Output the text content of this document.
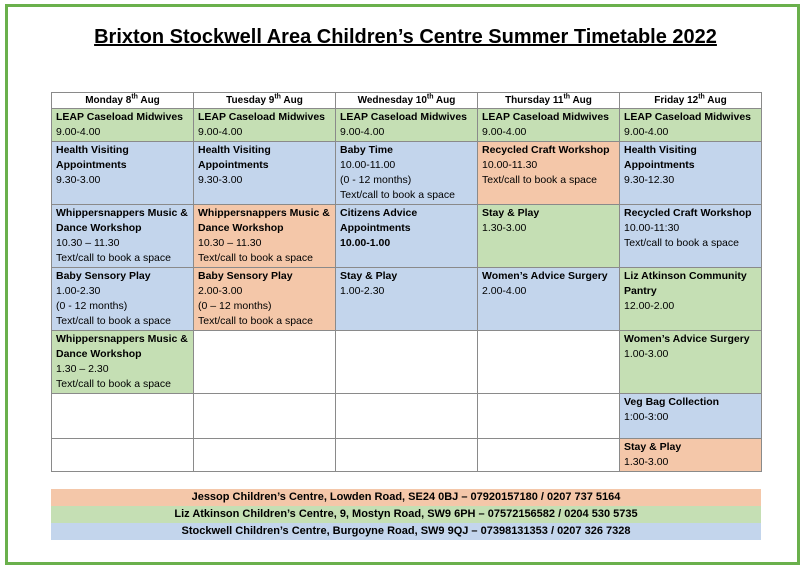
Brixton Stockwell Area Children’s Centre Summer Timetable 2022
Monday 8th Aug	Tuesday 9th Aug	Wednesday 10th Aug	Thursday 11th Aug	Friday 12th Aug

LEAP Caseload Midwives
9.00-4.00	LEAP Caseload Midwives
9.00-4.00	LEAP Caseload Midwives
9.00-4.00	LEAP Caseload Midwives
9.00-4.00	LEAP Caseload Midwives
9.00-4.00

Health Visiting Appointments
9.30-3.00	Health Visiting Appointments
9.30-3.00	Baby Time
10.00-11.00
(0 - 12 months)
Text/call to book a space	Recycled Craft Workshop
10.00-11.30
Text/call to book a space	Health Visiting Appointments
9.30-12.30

Whippersnappers Music & Dance Workshop
10.30 – 11.30
Text/call to book a space	Whippersnappers Music & Dance Workshop
10.30 – 11.30
Text/call to book a space	Citizens Advice Appointments
10.00-1.00	Stay & Play
1.30-3.00	Recycled Craft Workshop
10.00-11:30
Text/call to book a space

Baby Sensory Play
1.00-2.30
(0 - 12 months)
Text/call to book a space	Baby Sensory Play
2.00-3.00
(0 – 12 months)
Text/call to book a space	Stay & Play
1.00-2.30	Women’s Advice Surgery
2.00-4.00	Liz Atkinson Community Pantry
12.00-2.00

Whippersnappers Music & Dance Workshop
1.30 – 2.30
Text/call to book a space				Women’s Advice Surgery
1.00-3.00

				Veg Bag Collection
1:00-3:00

				Stay & Play
1.30-3.00
Jessop Children’s Centre, Lowden Road, SE24 0BJ – 07920157180 / 0207 737 5164
Liz Atkinson Children’s Centre, 9, Mostyn Road, SW9 6PH – 07572156582 / 0204 530 5735
Stockwell Children’s Centre, Burgoyne Road, SW9 9QJ – 07398131353 / 0207 326 7328
